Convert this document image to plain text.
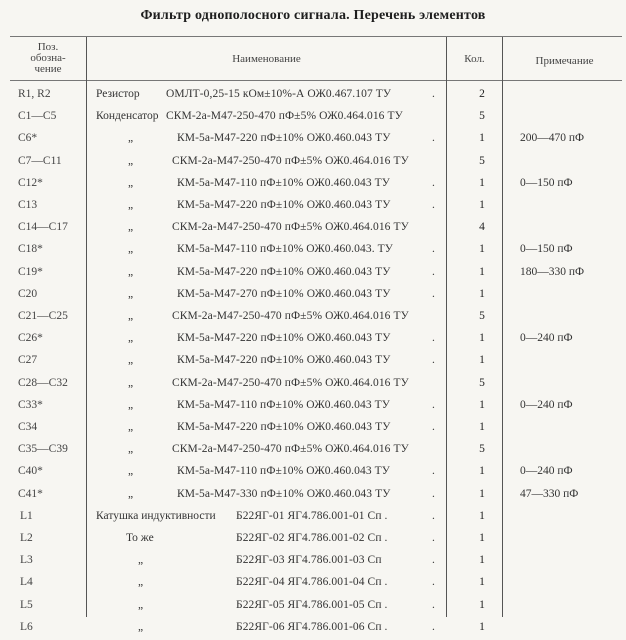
Фильтр однополосного сигнала. Перечень элементов
Поз.
обозна-
чение
Наименование	Кол.	Примечание
R1, R2	Резистор ОМЛТ-0,25-15 кОм±10%-А ОЖ0.467.107 ТУ	.	2
C1—C5	Конденсатор СКМ-2а-М47-250-470 пФ±5% ОЖ0.464.016 ТУ	5
C6*	„	КМ-5а-М47-220 пФ±10% ОЖ0.460.043 ТУ	.	1	200—470 пФ
C7—C11	„	СКМ-2а-М47-250-470 пФ±5% ОЖ0.464.016 ТУ	5
C12*	„	КМ-5а-М47-110 пФ±10% ОЖ0.460.043 ТУ	.	1	0—150 пФ
C13	„	КМ-5а-М47-220 пФ±10% ОЖ0.460.043 ТУ	.	1
C14—C17	„	СКМ-2а-М47-250-470 пФ±5% ОЖ0.464.016 ТУ	4
C18*	„	КМ-5а-М47-110 пФ±10% ОЖ0.460.043. ТУ	.	1	0—150 пФ
C19*	„	КМ-5а-М47-220 пФ±10% ОЖ0.460.043 ТУ	.	1	180—330 пФ
C20	„	КМ-5а-М47-270 пФ±10% ОЖ0.460.043 ТУ	.	1
C21—C25	„	СКМ-2а-М47-250-470 пФ±5% ОЖ0.464.016 ТУ	5
C26*	„	КМ-5а-М47-220 пФ±10% ОЖ0.460.043 ТУ	.	1	0—240 пФ
C27	„	КМ-5а-М47-220 пФ±10% ОЖ0.460.043 ТУ	.	1
C28—C32	„	СКМ-2а-М47-250-470 пФ±5% ОЖ0.464.016 ТУ	5
C33*	„	КМ-5а-М47-110 пФ±10% ОЖ0.460.043 ТУ	.	1	0—240 пФ
C34	„	КМ-5а-М47-220 пФ±10% ОЖ0.460.043 ТУ	.	1
C35—C39	„	СКМ-2а-М47-250-470 пФ±5% ОЖ0.464.016 ТУ	5
C40*	„	КМ-5а-М47-110 пФ±10% ОЖ0.460.043 ТУ	.	1	0—240 пФ
C41*	„	КМ-5а-М47-330 пФ±10% ОЖ0.460.043 ТУ	.	1	47—330 пФ
L1	Катушка индуктивности Б22ЯГ-01 ЯГ4.786.001-01 Сп .	.	1
L2	То же	Б22ЯГ-02 ЯГ4.786.001-02 Сп .	.	1
L3	„	Б22ЯГ-03 ЯГ4.786.001-03 Сп	.	1
L4	„	Б22ЯГ-04 ЯГ4.786.001-04 Сп .	.	1
L5	„	Б22ЯГ-05 ЯГ4.786.001-05 Сп .	.	1
L6	„	Б22ЯГ-06 ЯГ4.786.001-06 Сп .	.	1
